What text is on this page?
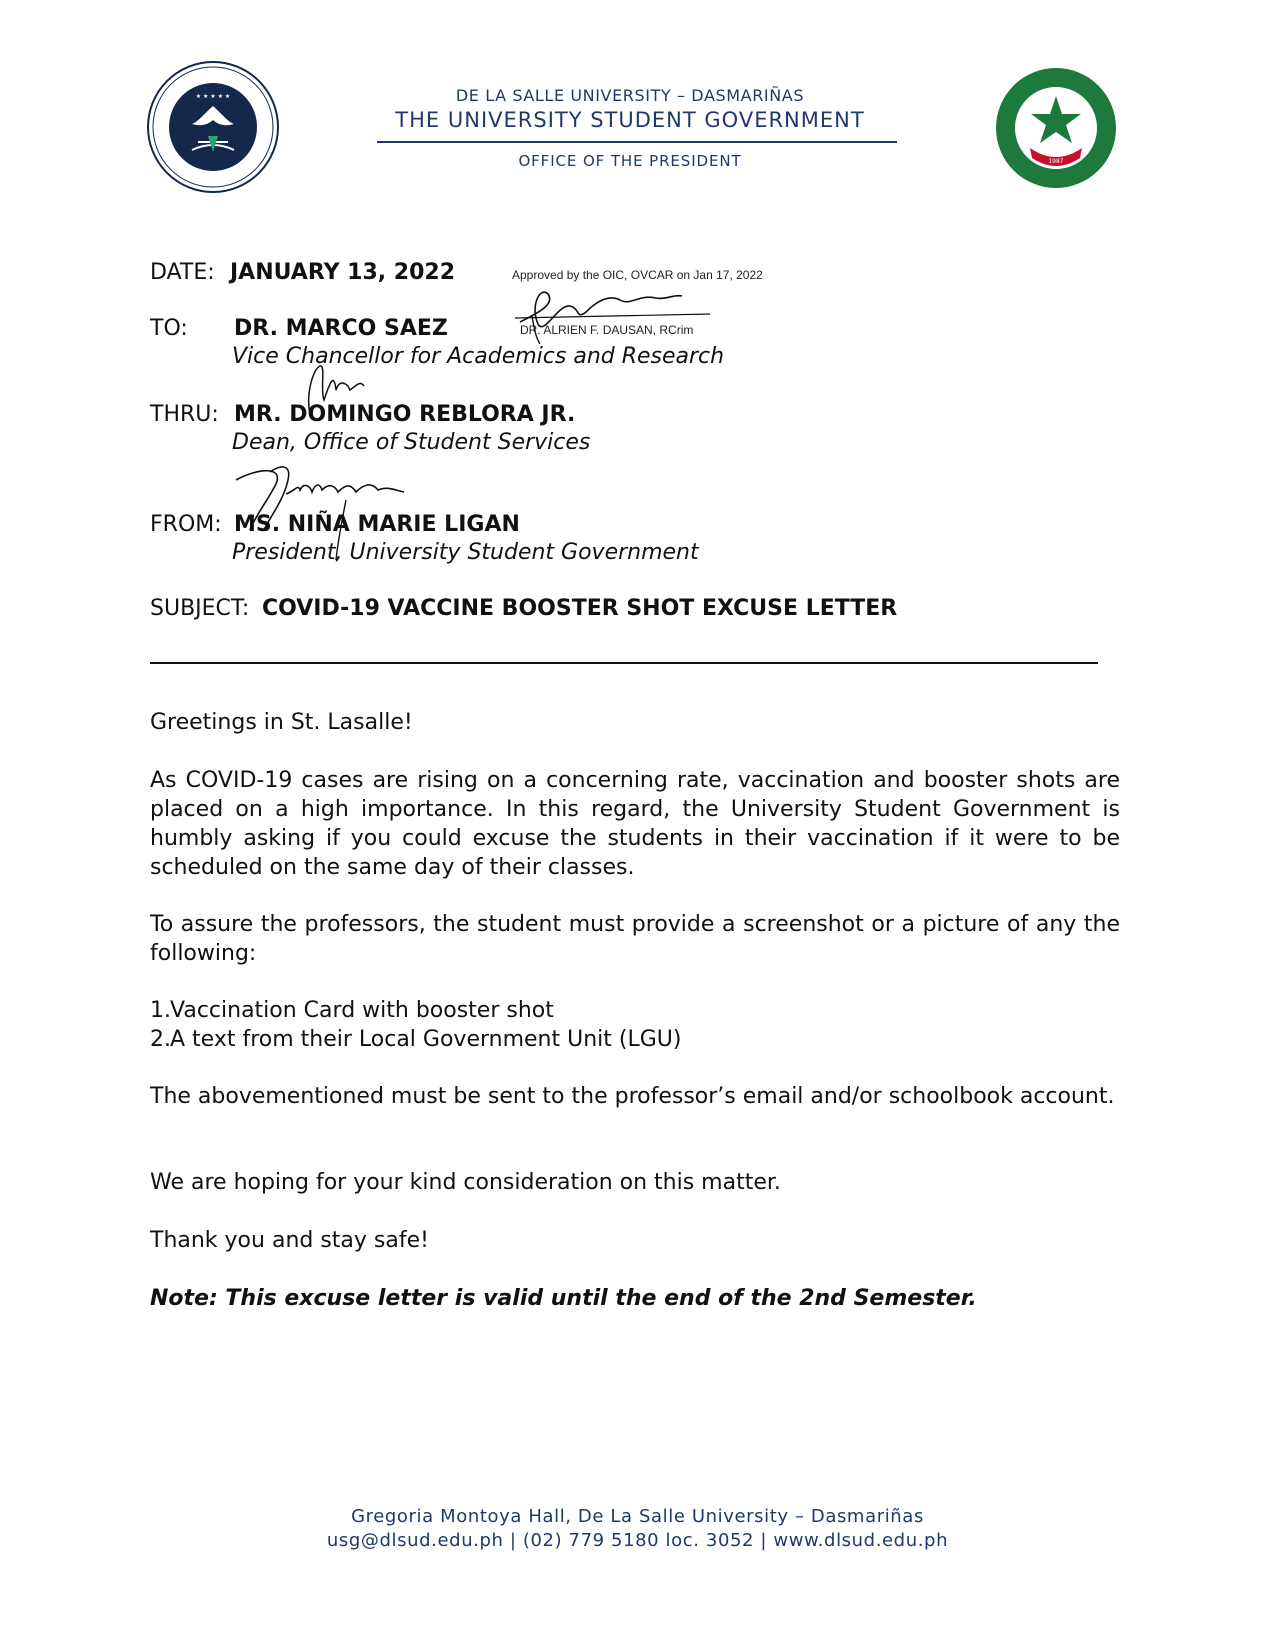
★ ★ ★ ★ ★
1987
DE LA SALLE UNIVERSITY – DASMARIÑAS
THE UNIVERSITY STUDENT GOVERNMENT
OFFICE OF THE PRESIDENT
DATE: JANUARY 13, 2022	Approved by the OIC, OVCAR on Jan 17, 2022
DR. ALRIEN F. DAUSAN, RCrim
TO: DR. MARCO SAEZ
Vice Chancellor for Academics and Research
THRU: MR. DOMINGO REBLORA JR.
Dean, Office of Student Services
FROM: MS. NIÑA MARIE LIGAN
President, University Student Government
SUBJECT: COVID-19 VACCINE BOOSTER SHOT EXCUSE LETTER
Greetings in St. Lasalle!
As COVID-19 cases are rising on a concerning rate, vaccination and booster shots are placed on a high importance. In this regard, the University Student Government is humbly asking if you could excuse the students in their vaccination if it were to be scheduled on the same day of their classes.
To assure the professors, the student must provide a screenshot or a picture of any the following:
1.Vaccination Card with booster shot
2.A text from their Local Government Unit (LGU)
The abovementioned must be sent to the professor’s email and/or schoolbook account.
We are hoping for your kind consideration on this matter.
Thank you and stay safe!
Note: This excuse letter is valid until the end of the 2nd Semester.
Gregoria Montoya Hall, De La Salle University – Dasmariñas
usg@dlsud.edu.ph | (02) 779 5180 loc. 3052 | www.dlsud.edu.ph
